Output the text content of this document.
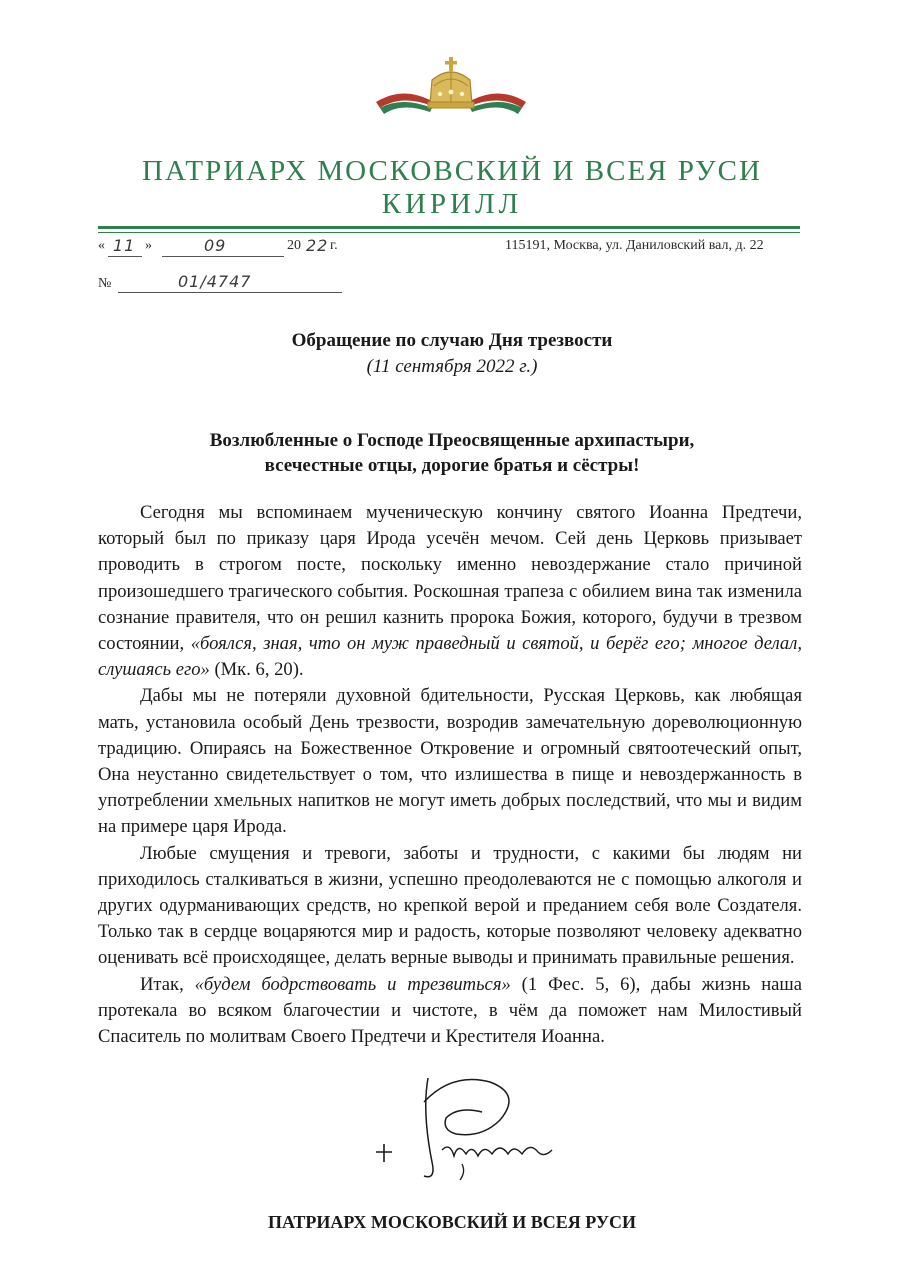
ПАТРИАРХ МОСКОВСКИЙ И ВСЕЯ РУСИ
КИРИЛЛ
« 11 »	09	20 22 г.	115191, Москва, ул. Даниловский вал, д. 22
№	01/4747
Обращение по случаю Дня трезвости
(11 сентября 2022 г.)
Возлюбленные о Господе Преосвященные архипастыри,
всечестные отцы, дорогие братья и сёстры!

Сегодня мы вспоминаем мученическую кончину святого Иоанна Предтечи, который был по приказу царя Ирода усечён мечом. Сей день Церковь призывает проводить в строгом посте, поскольку именно невоздержание стало причиной произошедшего трагического события. Роскошная трапеза с обилием вина так изменила сознание правителя, что он решил казнить пророка Божия, которого, будучи в трезвом состоянии, «боялся, зная, что он муж праведный и святой, и берёг его; многое делал, слушаясь его» (Мк. 6, 20).

Дабы мы не потеряли духовной бдительности, Русская Церковь, как любящая мать, установила особый День трезвости, возродив замечательную дореволюционную традицию. Опираясь на Божественное Откровение и огромный святоотеческий опыт, Она неустанно свидетельствует о том, что излишества в пище и невоздержанность в употреблении хмельных напитков не могут иметь добрых последствий, что мы и видим на примере царя Ирода.

Любые смущения и тревоги, заботы и трудности, с какими бы людям ни приходилось сталкиваться в жизни, успешно преодолеваются не с помощью алкоголя и других одурманивающих средств, но крепкой верой и преданием себя воле Создателя. Только так в сердце воцаряются мир и радость, которые позволяют человеку адекватно оценивать всё происходящее, делать верные выводы и принимать правильные решения.

Итак, «будем бодрствовать и трезвиться» (1 Фес. 5, 6), дабы жизнь наша протекала во всяком благочестии и чистоте, в чём да поможет нам Милостивый Спаситель по молитвам Своего Предтечи и Крестителя Иоанна.

ПАТРИАРХ МОСКОВСКИЙ И ВСЕЯ РУСИ
